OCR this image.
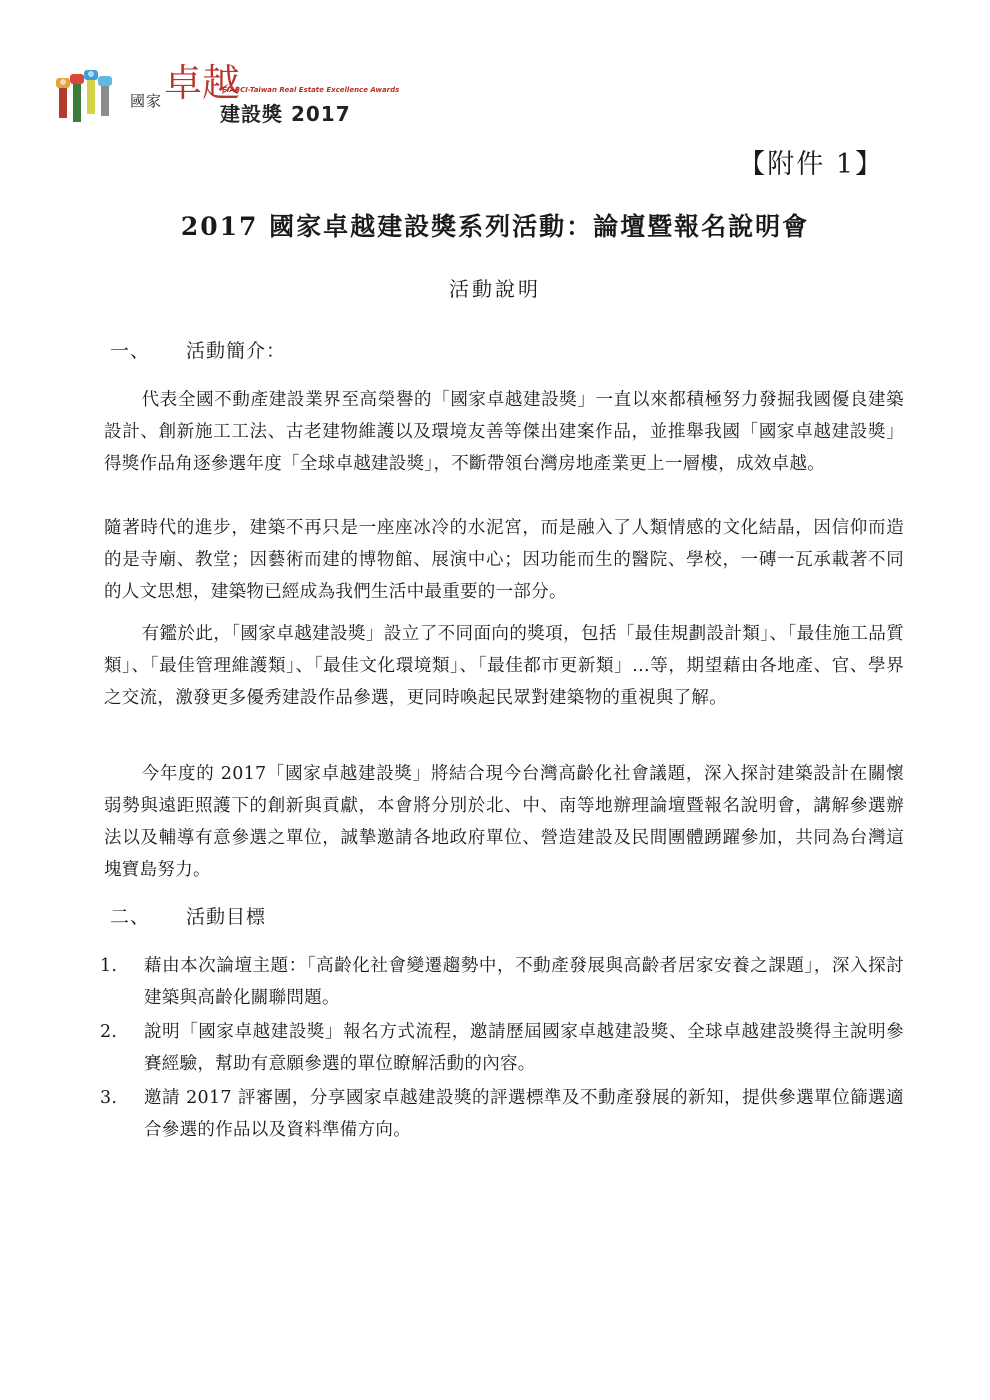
國家 卓越
FIABCI-Taiwan Real Estate Excellence Awards
建設獎 2017
【附件 1】
2017 國家卓越建設獎系列活動：論壇暨報名說明會
活動說明
一、 活動簡介：

代表全國不動產建設業界至高榮譽的「國家卓越建設獎」一直以來都積極努力發掘我國優良建築設計、創新施工工法、古老建物維護以及環境友善等傑出建案作品，並推舉我國「國家卓越建設獎」得獎作品角逐參選年度「全球卓越建設獎」，不斷帶領台灣房地產業更上一層樓，成效卓越。

隨著時代的進步，建築不再只是一座座冰冷的水泥宮，而是融入了人類情感的文化結晶，因信仰而造的是寺廟、教堂；因藝術而建的博物館、展演中心；因功能而生的醫院、學校，一磚一瓦承載著不同的人文思想，建築物已經成為我們生活中最重要的一部分。

有鑑於此，「國家卓越建設獎」設立了不同面向的獎項，包括「最佳規劃設計類」、「最佳施工品質類」、「最佳管理維護類」、「最佳文化環境類」、「最佳都市更新類」...等，期望藉由各地產、官、學界之交流，激發更多優秀建設作品參選，更同時喚起民眾對建築物的重視與了解。

今年度的 2017「國家卓越建設獎」將結合現今台灣高齡化社會議題，深入探討建築設計在關懷弱勢與遠距照護下的創新與貢獻，本會將分別於北、中、南等地辦理論壇暨報名說明會，講解參選辦法以及輔導有意參選之單位，誠摯邀請各地政府單位、營造建設及民間團體踴躍參加，共同為台灣這塊寶島努力。

二、 活動目標
1. 藉由本次論壇主題：「高齡化社會變遷趨勢中，不動產發展與高齡者居家安養之課題」，深入探討建築與高齡化關聯問題。
2. 說明「國家卓越建設獎」報名方式流程，邀請歷屆國家卓越建設獎、全球卓越建設獎得主說明參賽經驗，幫助有意願參選的單位瞭解活動的內容。
3. 邀請 2017 評審團，分享國家卓越建設獎的評選標準及不動產發展的新知，提供參選單位篩選適合參選的作品以及資料準備方向。
